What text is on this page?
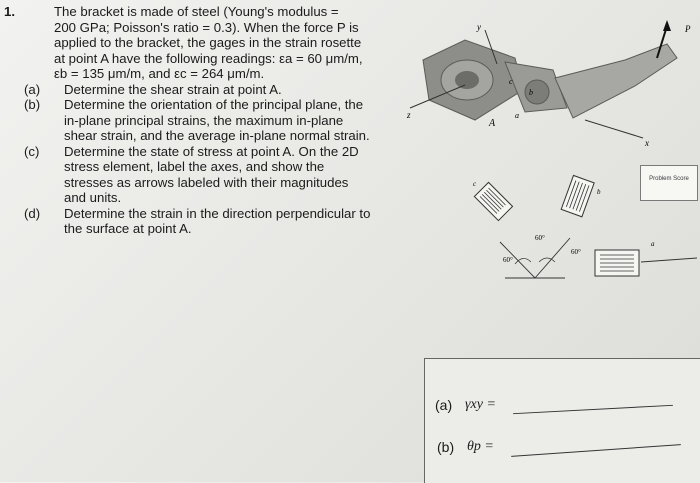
1.	The bracket is made of steel (Young's modulus =

200 GPa; Poisson's ratio = 0.3). When the force P is

applied to the bracket, the gages in the strain rosette

at point A have the following readings: εa = 60 μm/m,

εb = 135 μm/m, and εc = 264 μm/m.

(a) Determine the shear strain at point A.
(b) Determine the orientation of the principal plane, the
in-plane principal strains, the maximum in-plane
shear strain, and the average in-plane normal strain.
(c) Determine the state of stress at point A. On the 2D
stress element, label the axes, and show the
stresses as arrows labeled with their magnitudes
and units.
(d) Determine the strain in the direction perpendicular to
the surface at point A.
y
z
x
P
A
c
b
a
c
b
a
60°
60°
60°
Problem Score
(a) γxy =
(b) θp =
